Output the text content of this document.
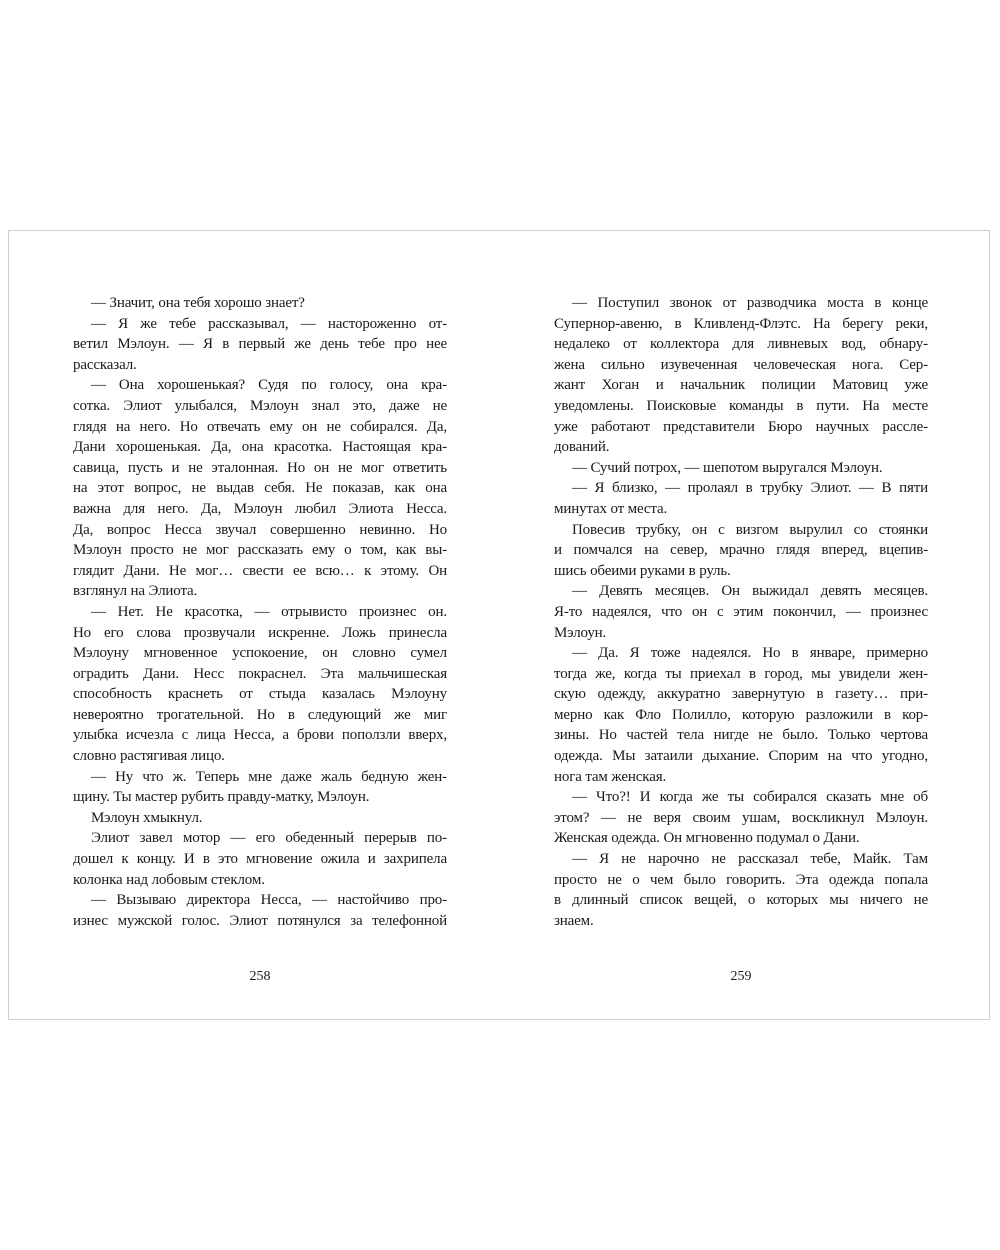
— Значит, она тебя хорошо знает?
— Я же тебе рассказывал, — настороженно от-
ветил Мэлоун. — Я в первый же день тебе про нее
рассказал.
— Она хорошенькая? Судя по голосу, она кра-
сотка. Элиот улыбался, Мэлоун знал это, даже не
глядя на него. Но отвечать ему он не собирался. Да,
Дани хорошенькая. Да, она красотка. Настоящая кра-
савица, пусть и не эталонная. Но он не мог ответить
на этот вопрос, не выдав себя. Не показав, как она
важна для него. Да, Мэлоун любил Элиота Несса.
Да, вопрос Несса звучал совершенно невинно. Но
Мэлоун просто не мог рассказать ему о том, как вы-
глядит Дани. Не мог… свести ее всю… к этому. Он
взглянул на Элиота.
— Нет. Не красотка, — отрывисто произнес он.
Но его слова прозвучали искренне. Ложь принесла
Мэлоуну мгновенное успокоение, он словно сумел
оградить Дани. Несс покраснел. Эта мальчишеская
способность краснеть от стыда казалась Мэлоуну
невероятно трогательной. Но в следующий же миг
улыбка исчезла с лица Несса, а брови поползли вверх,
словно растягивая лицо.
— Ну что ж. Теперь мне даже жаль бедную жен-
щину. Ты мастер рубить правду-матку, Мэлоун.
Мэлоун хмыкнул.
Элиот завел мотор — его обеденный перерыв по-
дошел к концу. И в это мгновение ожила и захрипела
колонка над лобовым стеклом.
— Вызываю директора Несса, — настойчиво про-
изнес мужской голос. Элиот потянулся за телефонной
258
— Поступил звонок от разводчика моста в конце
Супернор-авеню, в Кливленд-Флэтс. На берегу реки,
недалеко от коллектора для ливневых вод, обнару-
жена сильно изувеченная человеческая нога. Сер-
жант Хоган и начальник полиции Матовиц уже
уведомлены. Поисковые команды в пути. На месте
уже работают представители Бюро научных рассле-
дований.
— Сучий потрох, — шепотом выругался Мэлоун.
— Я близко, — пролаял в трубку Элиот. — В пяти
минутах от места.
Повесив трубку, он с визгом вырулил со стоянки
и помчался на север, мрачно глядя вперед, вцепив-
шись обеими руками в руль.
— Девять месяцев. Он выжидал девять месяцев.
Я-то надеялся, что он с этим покончил, — произнес
Мэлоун.
— Да. Я тоже надеялся. Но в январе, примерно
тогда же, когда ты приехал в город, мы увидели жен-
скую одежду, аккуратно завернутую в газету… при-
мерно как Фло Полилло, которую разложили в кор-
зины. Но частей тела нигде не было. Только чертова
одежда. Мы затаили дыхание. Спорим на что угодно,
нога там женская.
— Что?! И когда же ты собирался сказать мне об
этом? — не веря своим ушам, воскликнул Мэлоун.
Женская одежда. Он мгновенно подумал о Дани.
— Я не нарочно не рассказал тебе, Майк. Там
просто не о чем было говорить. Эта одежда попала
в длинный список вещей, о которых мы ничего не
знаем.
259
